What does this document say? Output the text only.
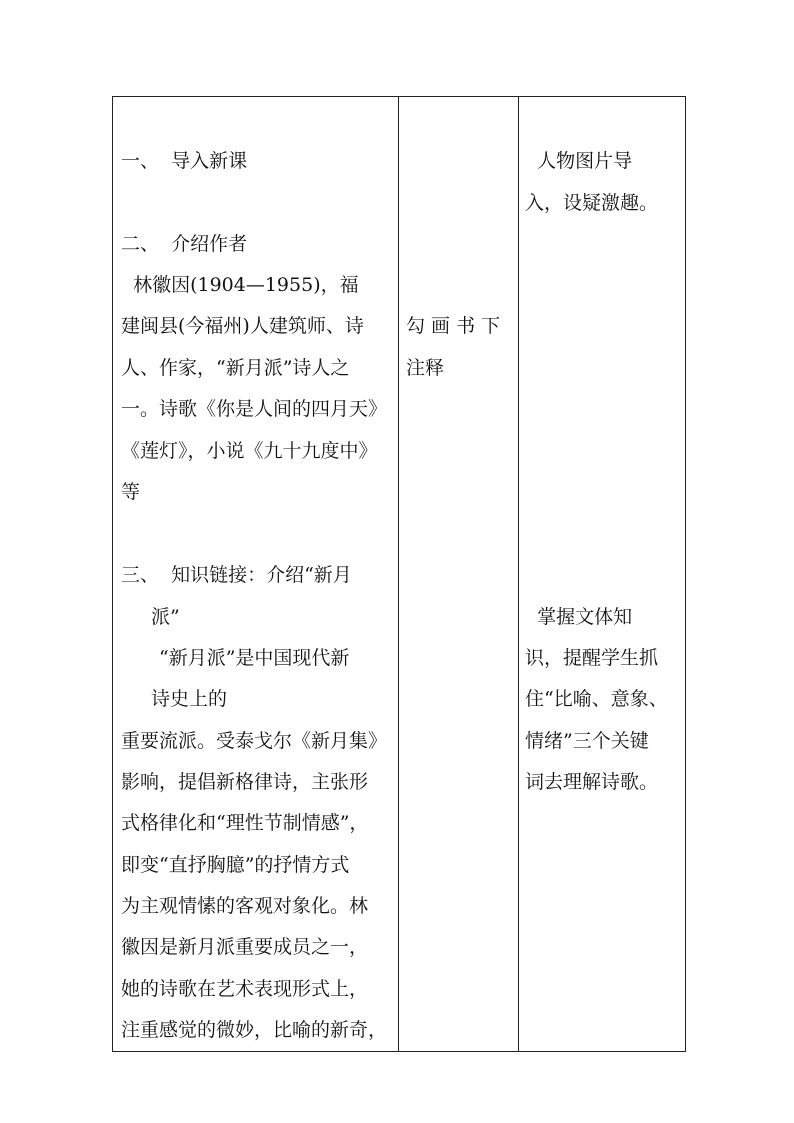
一、  导入新课
二、  介绍作者
林徽因(1904—1955)，福
建闽县(今福州)人建筑师、诗
人、作家，“新月派”诗人之
一。诗歌《你是人间的四月天》
《莲灯》，小说《九十九度中》
等
三、  知识链接：介绍“新月
派”
“新月派”是中国现代新
诗史上的
重要流派。受泰戈尔《新月集》
影响，提倡新格律诗，主张形
式格律化和“理性节制情感”，
即变“直抒胸臆”的抒情方式
为主观情愫的客观对象化。林
徽因是新月派重要成员之一，
她的诗歌在艺术表现形式上，
注重感觉的微妙，比喻的新奇，
勾 画 书 下
注释
人物图片导
入，设疑激趣。
掌握文体知
识，提醒学生抓
住“比喻、意象、
情绪”三个关键
词去理解诗歌。
